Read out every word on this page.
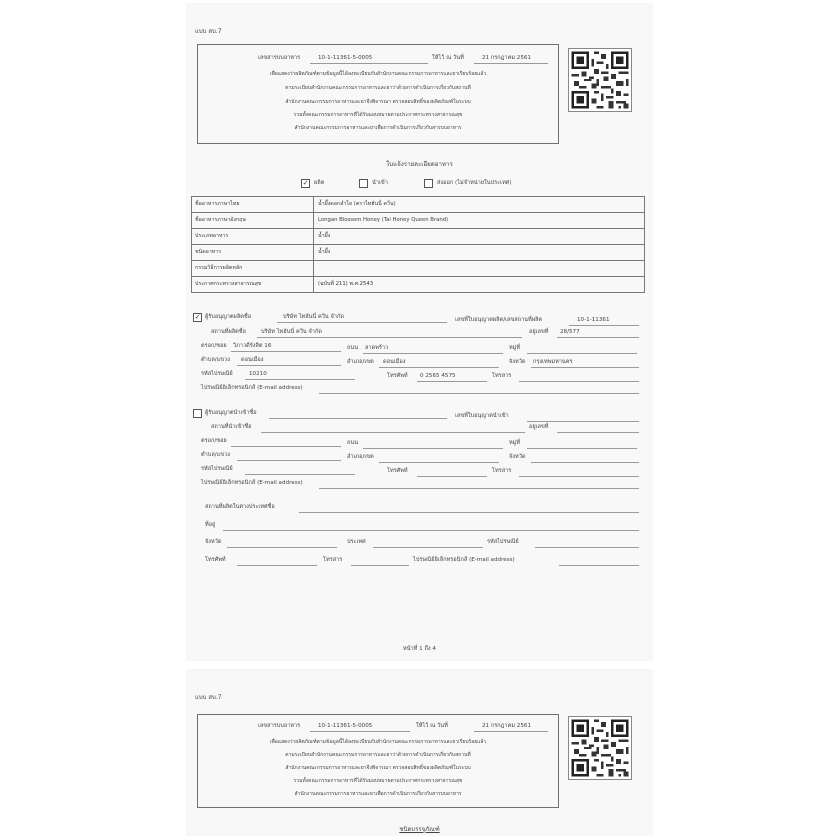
แบบ สบ.7
เลขสารบบอาหาร	10-1-11361-5-0005	ให้ไว้ ณ วันที่	21 กรกฎาคม 2561
เพื่อแสดงว่าผลิตภัณฑ์ตามข้อมูลนี้ได้ลงทะเบียนกับสำนักงานคณะกรรมการอาหารและยาเรียบร้อยแล้ว
ตามระเบียบสำนักงานคณะกรรมการอาหารและยาว่าด้วยการดำเนินการเกี่ยวกับสถานที่
สำนักงานคณะกรรมการอาหารและยาจึงพิจารณา ตรวจสอบสิทธิ์ของผลิตภัณฑ์ในระบบ
รวมทั้งคณะกรรมการอาหารที่ได้รับมอบหมายตามประกาศกระทรวงสาธารณสุข
สำนักงานคณะกรรมการอาหารและยาเพื่อการดำเนินการเกี่ยวกับสารบบอาหาร
ใบแจ้งรายละเอียดอาหาร
✓ ผลิต	นำเข้า	ส่งออก (ไม่จำหน่ายในประเทศ)
ชื่ออาหารภาษาไทย	น้ำผึ้งดอกลำไย (ตราไทฮันนี่ ควีน)
ชื่ออาหารภาษาอังกฤษ	Longan Blossom Honey (Tai Honey Queen Brand)
ประเภทอาหาร	น้ำผึ้ง
ชนิดอาหาร	น้ำผึ้ง
กรรมวิธีการผลิตหลัก
ประกาศกระทรวงสาธารณสุข	(ฉบับที่ 211) พ.ศ.2543
✓ ผู้รับอนุญาตผลิตชื่อ	บริษัท ไทฮันนี่ ควีน จำกัด	เลขที่ใบอนุญาตผลิต/เลขสถานที่ผลิต	10-1-11361
สถานที่ผลิตชื่อ	บริษัท ไทฮันนี่ ควีน จำกัด	อยู่เลขที่ 28/577
ตรอก/ซอย วิภาวดีรังสิต 16	ถนน ลาดพร้าว	หมู่ที่
ตำบล/แขวง ดอนเมือง	อำเภอ/เขต ดอนเมือง	จังหวัด กรุงเทพมหานคร
รหัสไปรษณีย์	10210	โทรศัพท์ 0 2565 4575	โทรสาร
ไปรษณีย์อิเล็กทรอนิกส์ (E-mail address)
ผู้รับอนุญาตนำเข้าชื่อ	เลขที่ใบอนุญาตนำเข้า
สถานที่นำเข้าชื่อ	อยู่เลขที่
ตรอก/ซอย	ถนน	หมู่ที่
ตำบล/แขวง	อำเภอ/เขต	จังหวัด
รหัสไปรษณีย์	โทรศัพท์	โทรสาร
ไปรษณีย์อิเล็กทรอนิกส์ (E-mail address)
สถานที่ผลิตในต่างประเทศชื่อ
ที่อยู่
จังหวัด	ประเทศ	รหัสไปรษณีย์
โทรศัพท์	โทรสาร	ไปรษณีย์อิเล็กทรอนิกส์ (E-mail address)
หน้าที่ 1 ถึง 4
แบบ สบ.7
เลขสารบบอาหาร	10-1-11361-5-0005	ให้ไว้ ณ วันที่	21 กรกฎาคม 2561
เพื่อแสดงว่าผลิตภัณฑ์ตามข้อมูลนี้ได้ลงทะเบียนกับสำนักงานคณะกรรมการอาหารและยาเรียบร้อยแล้ว
ตามระเบียบสำนักงานคณะกรรมการอาหารและยาว่าด้วยการดำเนินการเกี่ยวกับสถานที่
สำนักงานคณะกรรมการอาหารและยาจึงพิจารณา ตรวจสอบสิทธิ์ของผลิตภัณฑ์ในระบบ
รวมทั้งคณะกรรมการอาหารที่ได้รับมอบหมายตามประกาศกระทรวงสาธารณสุข
สำนักงานคณะกรรมการอาหารและยาเพื่อการดำเนินการเกี่ยวกับสารบบอาหาร
ชนิดบรรจุภัณฑ์
